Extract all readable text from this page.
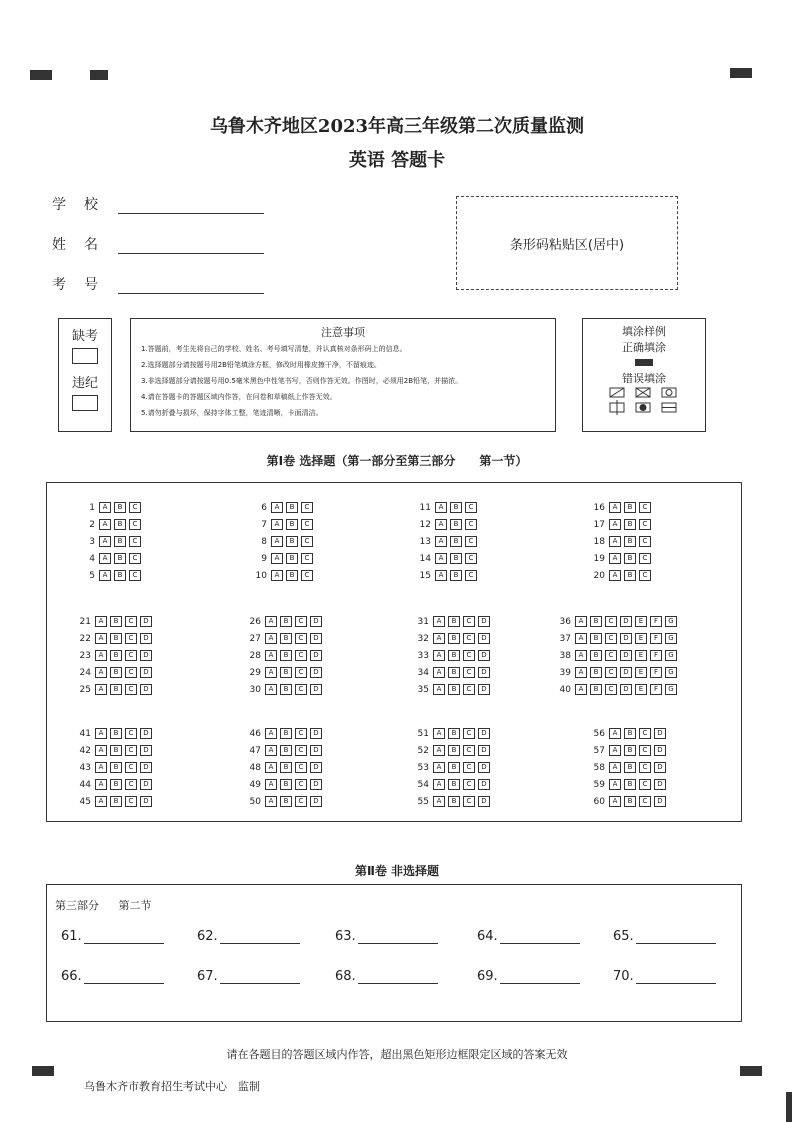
乌鲁木齐地区2023年高三年级第二次质量监测
英语 答题卡
学　校
姓　名
考　号
条形码粘贴区(居中)
缺考
违纪
注意事项
1.答题前，考生先将自己的学校、姓名、考号填写清楚，并认真核对条形码上的信息。
2.选择题部分请按题号用2B铅笔填涂方框，修改时用橡皮擦干净，不留痕迹。
3.非选择题部分请按题号用0.5毫米黑色中性笔书写，否则作答无效。作图时，必须用2B铅笔，并描浓。
4.请在答题卡的答题区域内作答，在问卷和草稿纸上作答无效。
5.请勿折叠与损坏，保持字体工整，笔迹清晰，卡面清洁。
填涂样例
正确填涂
错误填涂
第Ⅰ卷 选择题（第一部分至第三部分　　第一节）
1 A B C
2 A B C
3 A B C
4 A B C
5 A B C
6 A B C
7 A B C
8 A B C
9 A B C
10 A B C
11 A B C
12 A B C
13 A B C
14 A B C
15 A B C
16 A B C
17 A B C
18 A B C
19 A B C
20 A B C
21 A B C D
22 A B C D
23 A B C D
24 A B C D
25 A B C D
26 A B C D
27 A B C D
28 A B C D
29 A B C D
30 A B C D
31 A B C D
32 A B C D
33 A B C D
34 A B C D
35 A B C D
36 A B C D E F G
37 A B C D E F G
38 A B C D E F G
39 A B C D E F G
40 A B C D E F G
41 A B C D
42 A B C D
43 A B C D
44 A B C D
45 A B C D
46 A B C D
47 A B C D
48 A B C D
49 A B C D
50 A B C D
51 A B C D
52 A B C D
53 A B C D
54 A B C D
55 A B C D
56 A B C D
57 A B C D
58 A B C D
59 A B C D
60 A B C D
第Ⅱ卷 非选择题
第三部分 第二节
61.	62.	63.	64.	65.
66.	67.	68.	69.	70.
请在各题目的答题区域内作答，超出黑色矩形边框限定区域的答案无效
乌鲁木齐市教育招生考试中心　监制
